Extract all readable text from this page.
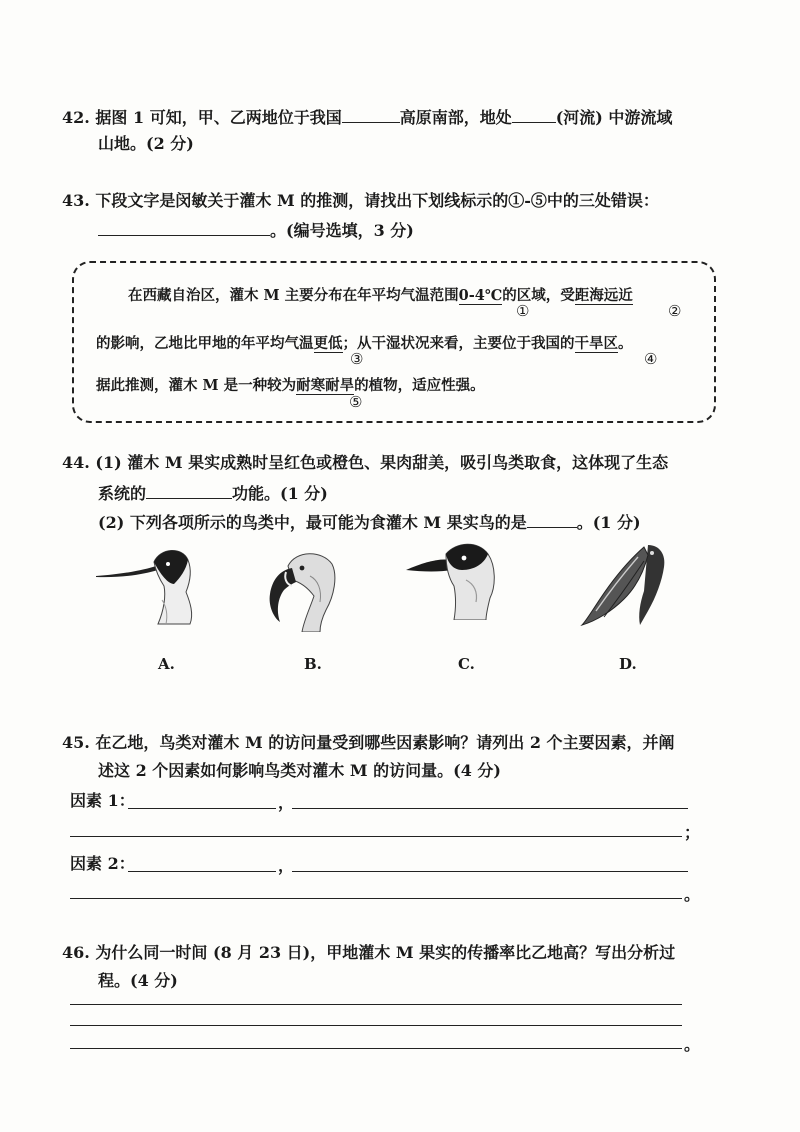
42. 据图 1 可知，甲、乙两地位于我国	高原南部，地处	(河流) 中游流域
山地。(2 分)
43. 下段文字是闵敏关于灌木 M 的推测，请找出下划线标示的①-⑤中的三处错误：
。(编号选填，3 分)
在西藏自治区，灌木 M 主要分布在年平均气温范围0-4℃的区域，受距海远近
①	②
的影响，乙地比甲地的年平均气温更低；从干湿状况来看，主要位于我国的干旱区。
③	④
据此推测，灌木 M 是一种较为耐寒耐旱的植物，适应性强。
⑤
44. (1) 灌木 M 果实成熟时呈红色或橙色、果肉甜美，吸引鸟类取食，这体现了生态
系统的	功能。(1 分)
(2) 下列各项所示的鸟类中，最可能为食灌木 M 果实鸟的是	。(1 分)
A.	B.	C.	D.
45. 在乙地，鸟类对灌木 M 的访问量受到哪些因素影响？请列出 2 个主要因素，并阐
述这 2 个因素如何影响鸟类对灌木 M 的访问量。(4 分)
因素 1：	，
；
因素 2：	，
。
46. 为什么同一时间 (8 月 23 日)，甲地灌木 M 果实的传播率比乙地高？写出分析过
程。(4 分)
。
